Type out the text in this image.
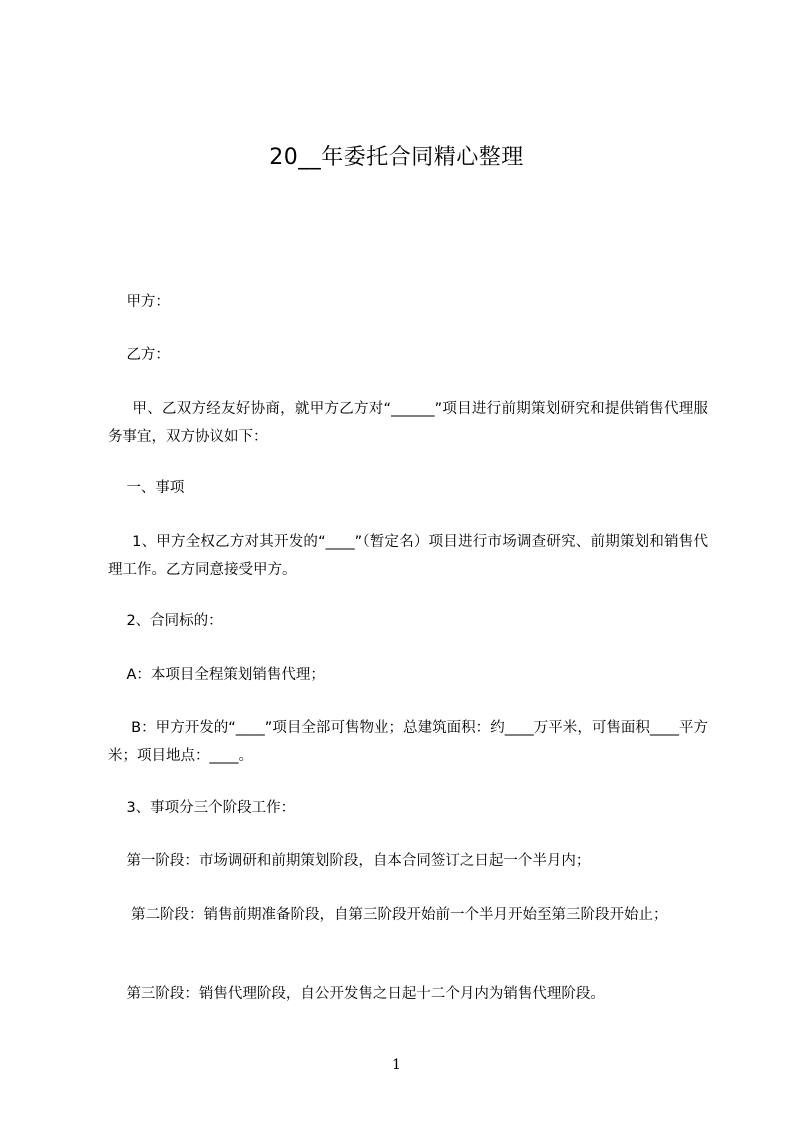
20__年委托合同精心整理
甲方：
乙方：
甲、乙双方经友好协商，就甲方乙方对“______”项目进行前期策划研究和提供销售代理服务事宜，双方协议如下：
一、事项
1、甲方全权乙方对其开发的“____”（暂定名）项目进行市场调查研究、前期策划和销售代理工作。乙方同意接受甲方。
2、合同标的：
A：本项目全程策划销售代理；
B：甲方开发的“____”项目全部可售物业；总建筑面积：约____万平米，可售面积____平方米；项目地点：____。
3、事项分三个阶段工作：
第一阶段：市场调研和前期策划阶段，自本合同签订之日起一个半月内；
第二阶段：销售前期准备阶段，自第三阶段开始前一个半月开始至第三阶段开始止；
第三阶段：销售代理阶段，自公开发售之日起十二个月内为销售代理阶段。
1
